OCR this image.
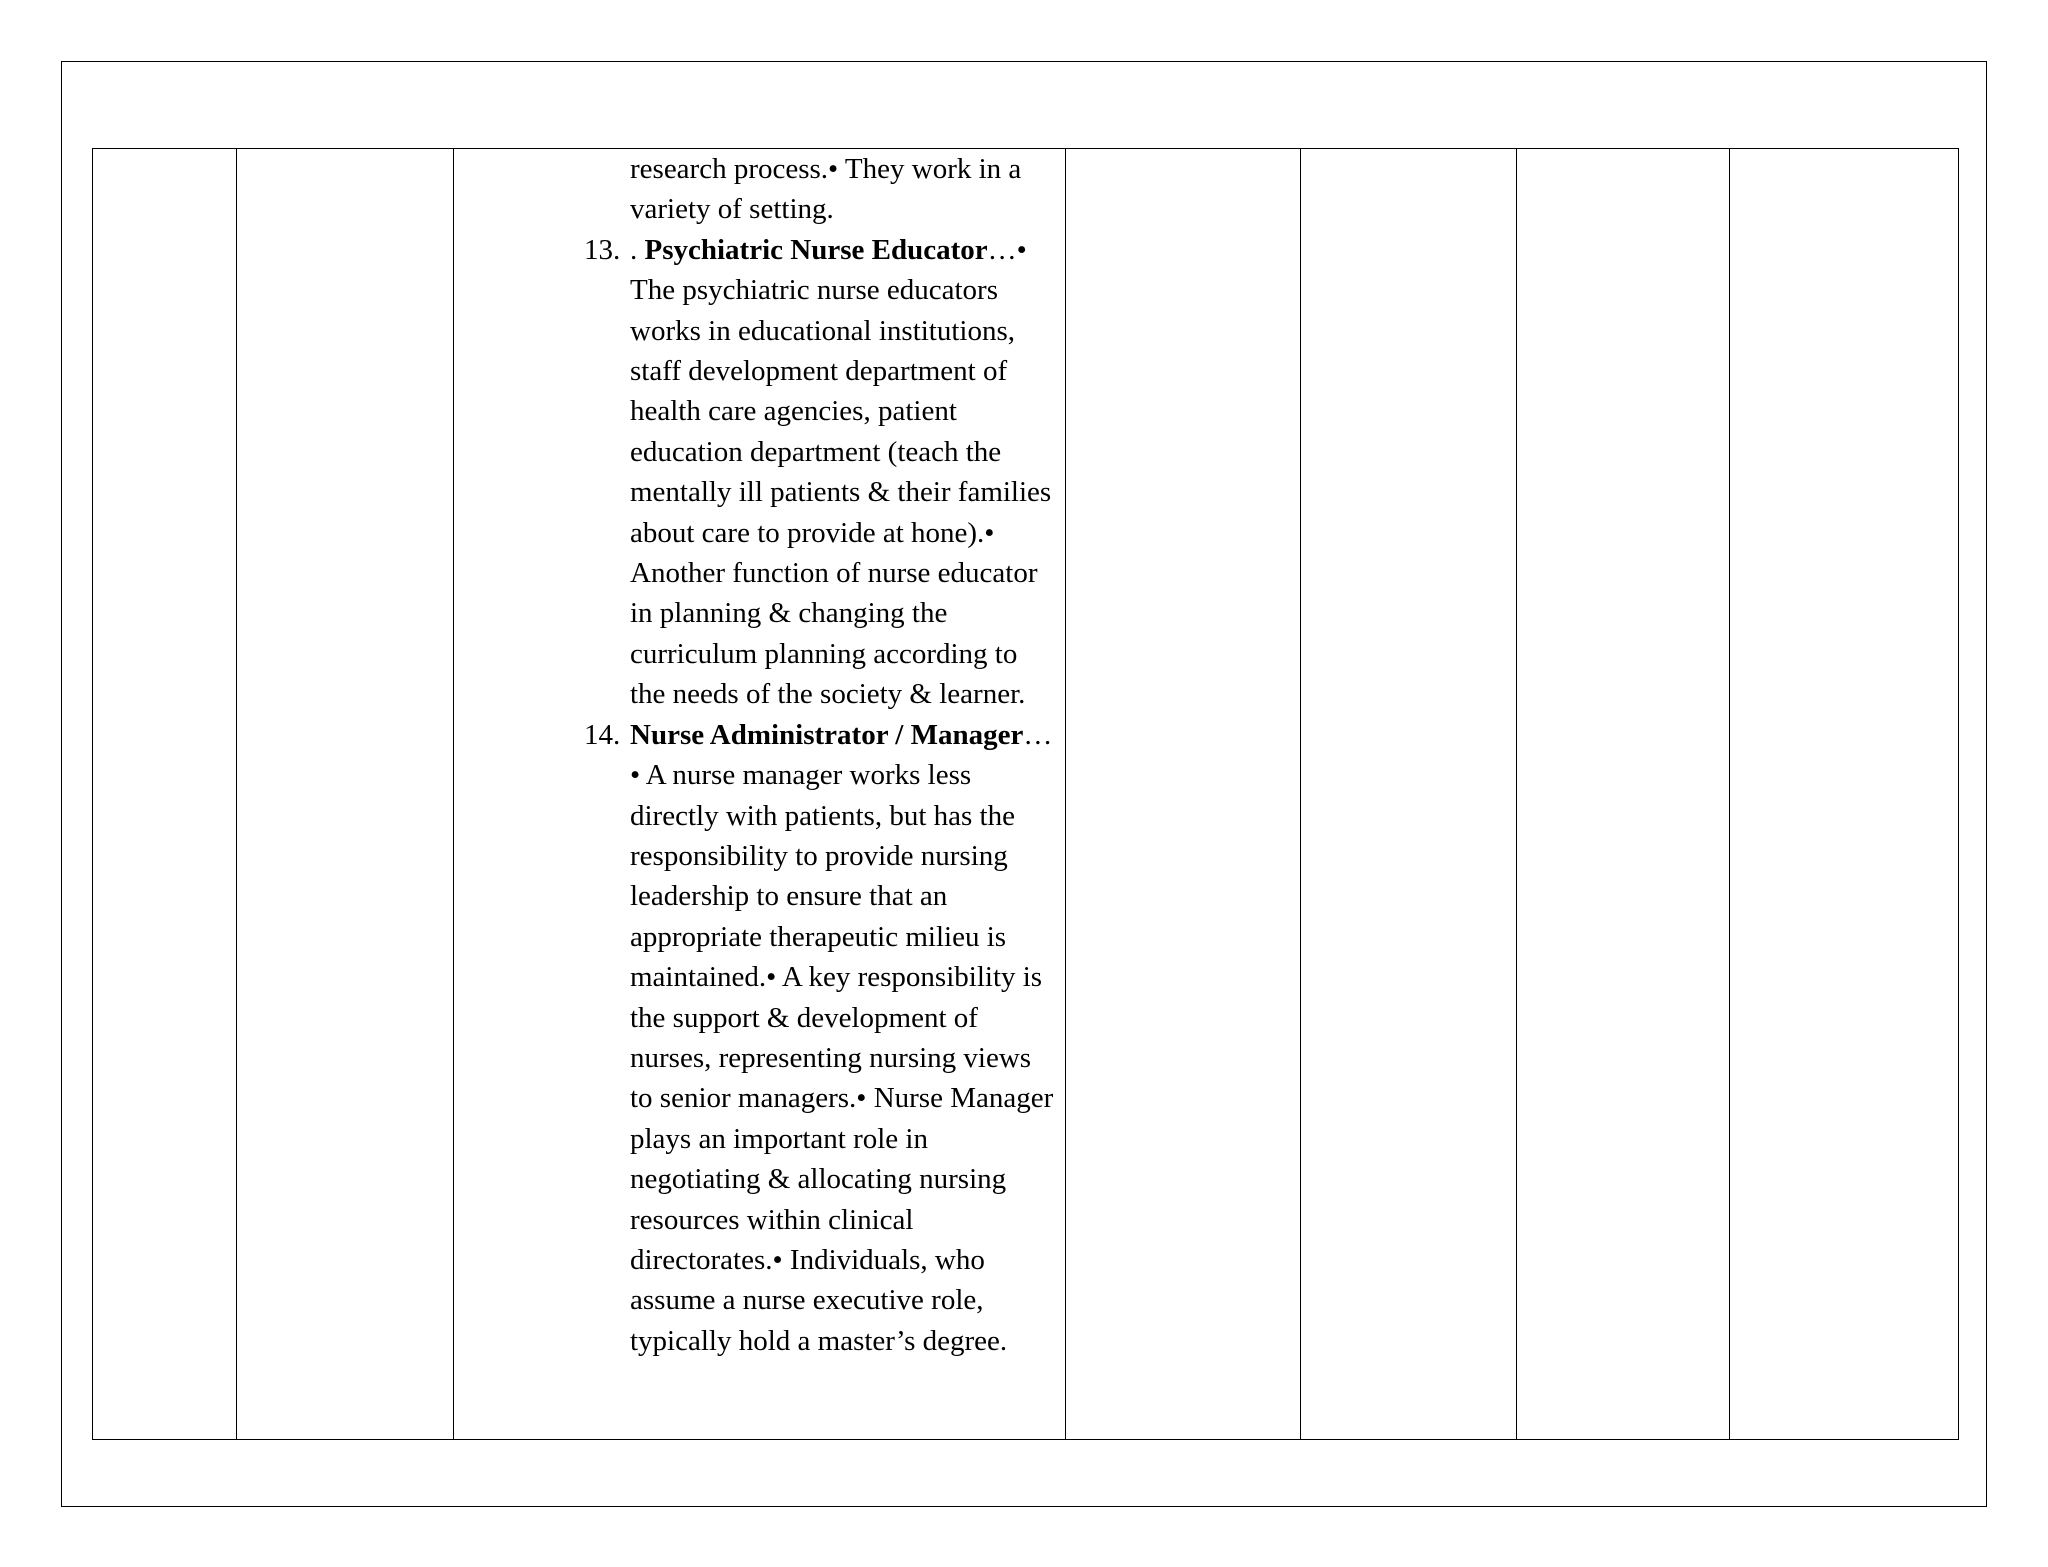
research process.• They work in a variety of setting.
13. . Psychiatric Nurse Educator…• The psychiatric nurse educators works in educational institutions, staff development department of health care agencies, patient education department (teach the mentally ill patients & their families about care to provide at hone).• Another function of nurse educator in planning & changing the curriculum planning according to the needs of the society & learner.
14. Nurse Administrator / Manager…• A nurse manager works less directly with patients, but has the responsibility to provide nursing leadership to ensure that an appropriate therapeutic milieu is maintained.• A key responsibility is the support & development of nurses, representing nursing views to senior managers.• Nurse Manager plays an important role in negotiating & allocating nursing resources within clinical directorates.• Individuals, who assume a nurse executive role, typically hold a master’s degree.
